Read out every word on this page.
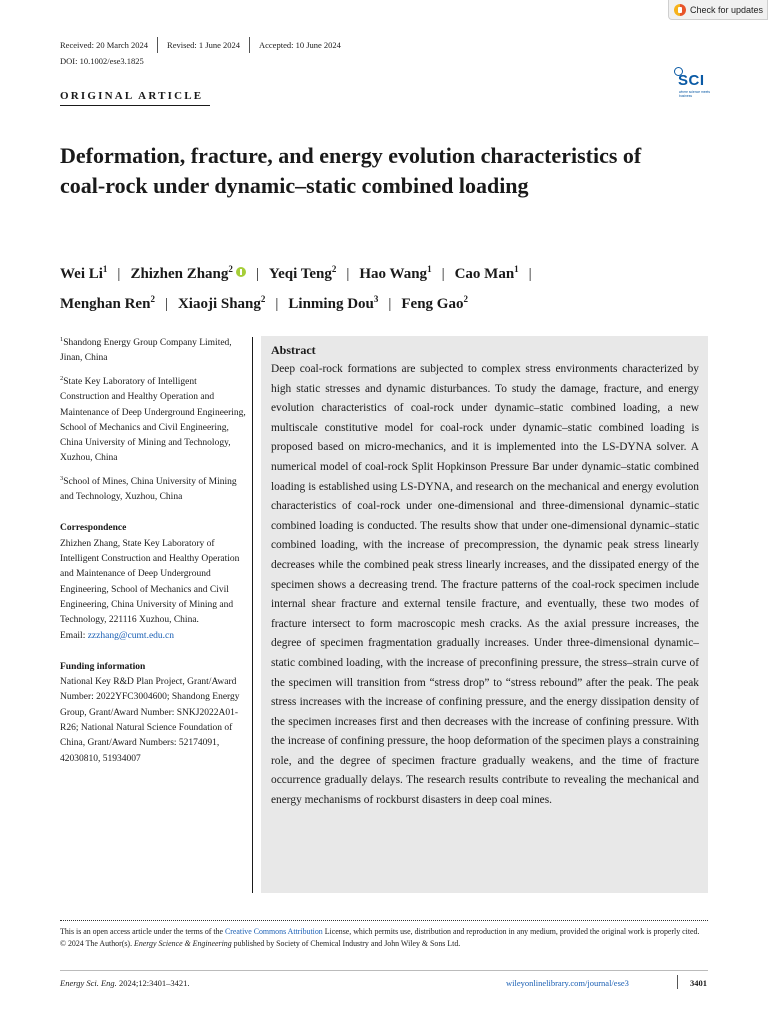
Check for updates
Received: 20 March 2024 Revised: 1 June 2024 Accepted: 10 June 2024
DOI: 10.1002/ese3.1825
ORIGINAL ARTICLE
SCI
where science meets business
Deformation, fracture, and energy evolution characteristics of coal-rock under dynamic–static combined loading
Wei Li$^1$ | Zhizhen Zhang$^2$ | Yeqi Teng$^2$ | Hao Wang$^1$ | Cao Man$^1$ |
Menghan Ren$^2$ | Xiaoji Shang$^2$ | Linming Dou$^3$ | Feng Gao$^2$

$^1$Shandong Energy Group Company Limited, Jinan, China

$^2$State Key Laboratory of Intelligent Construction and Healthy Operation and Maintenance of Deep Underground Engineering, School of Mechanics and Civil Engineering, China University of Mining and Technology, Xuzhou, China

$^3$School of Mines, China University of Mining and Technology, Xuzhou, China

Correspondence

Zhizhen Zhang, State Key Laboratory of Intelligent Construction and Healthy Operation and Maintenance of Deep Underground Engineering, School of Mechanics and Civil Engineering, China University of Mining and Technology, 221116 Xuzhou, China.

Email: zzzhang@cumt.edu.cn

Funding information

National Key R&D Plan Project, Grant/Award Number: 2022YFC3004600; Shandong Energy Group, Grant/Award Number: SNKJ2022A01-R26; National Natural Science Foundation of China, Grant/Award Numbers: 52174091, 42030810, 51934007

Abstract
Deep coal-rock formations are subjected to complex stress environments characterized by high static stresses and dynamic disturbances. To study the damage, fracture, and energy evolution characteristics of coal-rock under dynamic–static combined loading, a new multiscale constitutive model for coal-rock under dynamic–static combined loading is proposed based on micro-mechanics, and it is implemented into the LS-DYNA solver. A numerical model of coal-rock Split Hopkinson Pressure Bar under dynamic–static combined loading is established using LS-DYNA, and research on the mechanical and energy evolution characteristics of coal-rock under one-dimensional and three-dimensional dynamic–static combined loading is conducted. The results show that under one-dimensional dynamic–static combined loading, with the increase of precompression, the dynamic peak stress linearly decreases while the combined peak stress linearly increases, and the dissipated energy of the specimen shows a decreasing trend. The fracture patterns of the coal-rock specimen include internal shear fracture and external tensile fracture, and eventually, these two modes of fracture intersect to form macroscopic mesh cracks. As the axial pressure increases, the degree of specimen fragmentation gradually increases. Under three-dimensional dynamic–static combined loading, with the increase of preconfining pressure, the stress–strain curve of the specimen will transition from “stress drop” to “stress rebound” after the peak. The peak stress increases with the increase of confining pressure, and the energy dissipation density of the specimen increases first and then decreases with the increase of confining pressure. With the increase of confining pressure, the hoop deformation of the specimen plays a constraining role, and the degree of specimen fracture gradually weakens, and the time of fracture occurrence gradually delays. The research results contribute to revealing the mechanical and energy mechanisms of rockburst disasters in deep coal mines.
This is an open access article under the terms of the Creative Commons Attribution License, which permits use, distribution and reproduction in any medium, provided the original work is properly cited.
© 2024 The Author(s). Energy Science & Engineering published by Society of Chemical Industry and John Wiley & Sons Ltd.
Energy Sci. Eng. 2024;12:3401–3421.	wileyonlinelibrary.com/journal/ese3	3401
